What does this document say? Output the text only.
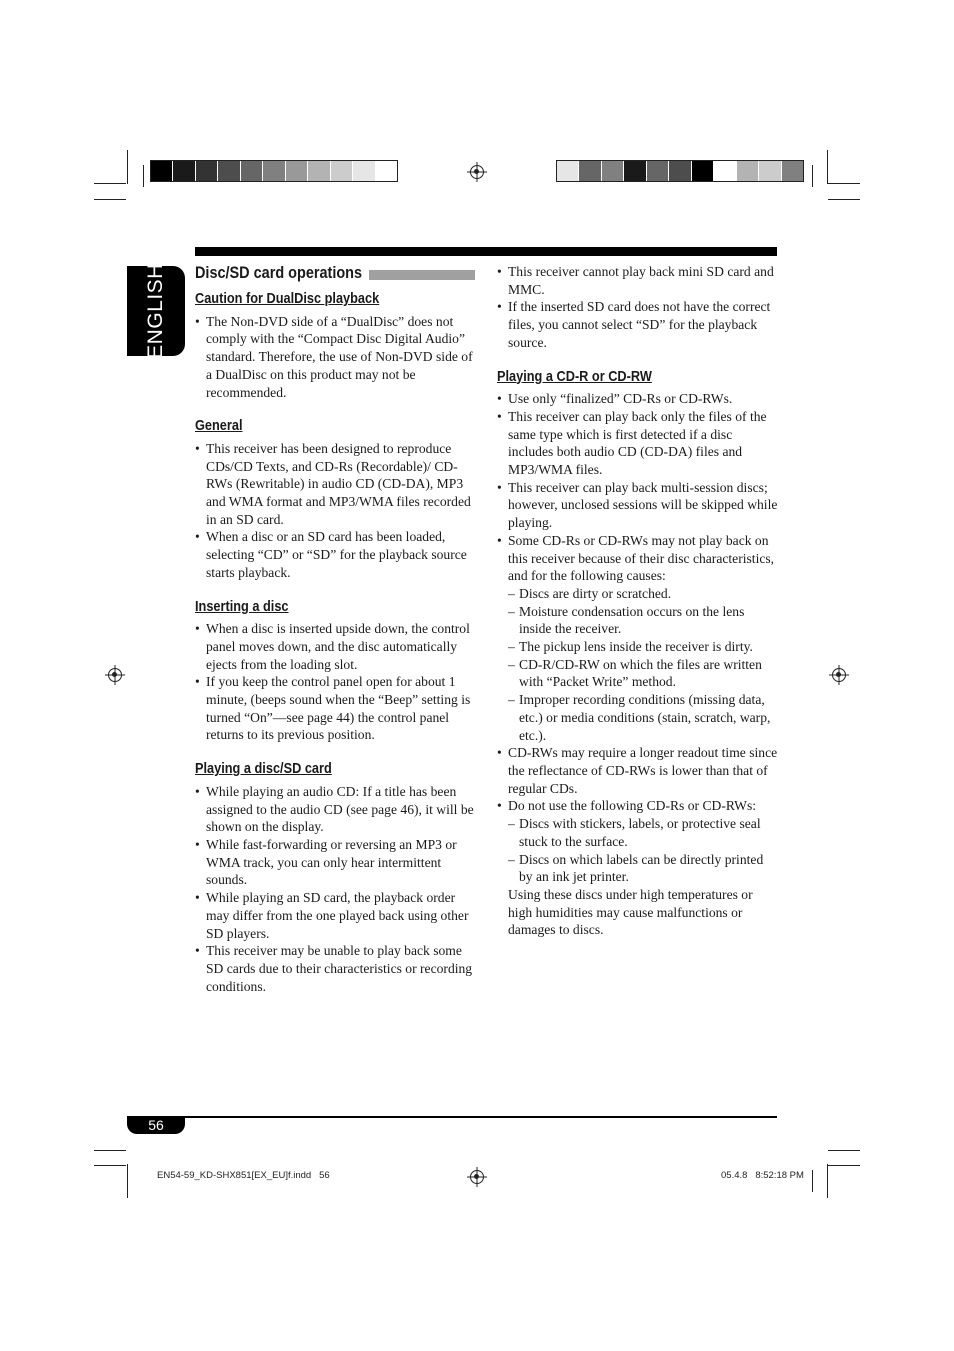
ENGLISH Disc/SD card operations
Caution for DualDisc playback
• The Non-DVD side of a “DualDisc” does not comply with the “Compact Disc Digital Audio” standard. Therefore, the use of Non-DVD side of a DualDisc on this product may not be recommended.
General
• This receiver has been designed to reproduce CDs/CD Texts, and CD-Rs (Recordable)/ CD-RWs (Rewritable) in audio CD (CD-DA), MP3 and WMA format and MP3/WMA files recorded in an SD card.
• When a disc or an SD card has been loaded, selecting “CD” or “SD” for the playback source starts playback.
Inserting a disc
• When a disc is inserted upside down, the control panel moves down, and the disc automatically ejects from the loading slot.
• If you keep the control panel open for about 1 minute, (beeps sound when the “Beep” setting is turned “On”—see page 44) the control panel returns to its previous position.
Playing a disc/SD card
• While playing an audio CD: If a title has been assigned to the audio CD (see page 46), it will be shown on the display.
• While fast-forwarding or reversing an MP3 or WMA track, you can only hear intermittent sounds.
• While playing an SD card, the playback order may differ from the one played back using other SD players.
• This receiver may be unable to play back some SD cards due to their characteristics or recording conditions.
• This receiver cannot play back mini SD card and MMC.
• If the inserted SD card does not have the correct files, you cannot select “SD” for the playback source.
Playing a CD-R or CD-RW
• Use only “finalized” CD-Rs or CD-RWs.
• This receiver can play back only the files of the same type which is first detected if a disc includes both audio CD (CD-DA) files and MP3/WMA files.
• This receiver can play back multi-session discs; however, unclosed sessions will be skipped while playing.
• Some CD-Rs or CD-RWs may not play back on this receiver because of their disc characteristics, and for the following causes:
– Discs are dirty or scratched.
– Moisture condensation occurs on the lens inside the receiver.
– The pickup lens inside the receiver is dirty.
– CD-R/CD-RW on which the files are written with “Packet Write” method.
– Improper recording conditions (missing data, etc.) or media conditions (stain, scratch, warp, etc.).
• CD-RWs may require a longer readout time since the reflectance of CD-RWs is lower than that of regular CDs.
• Do not use the following CD-Rs or CD-RWs:
– Discs with stickers, labels, or protective seal stuck to the surface.
– Discs on which labels can be directly printed by an ink jet printer.
Using these discs under high temperatures or high humidities may cause malfunctions or damages to discs.
56
EN54-59_KD-SHX851[EX_EU]f.indd   56	05.4.8   8:52:18 PM
